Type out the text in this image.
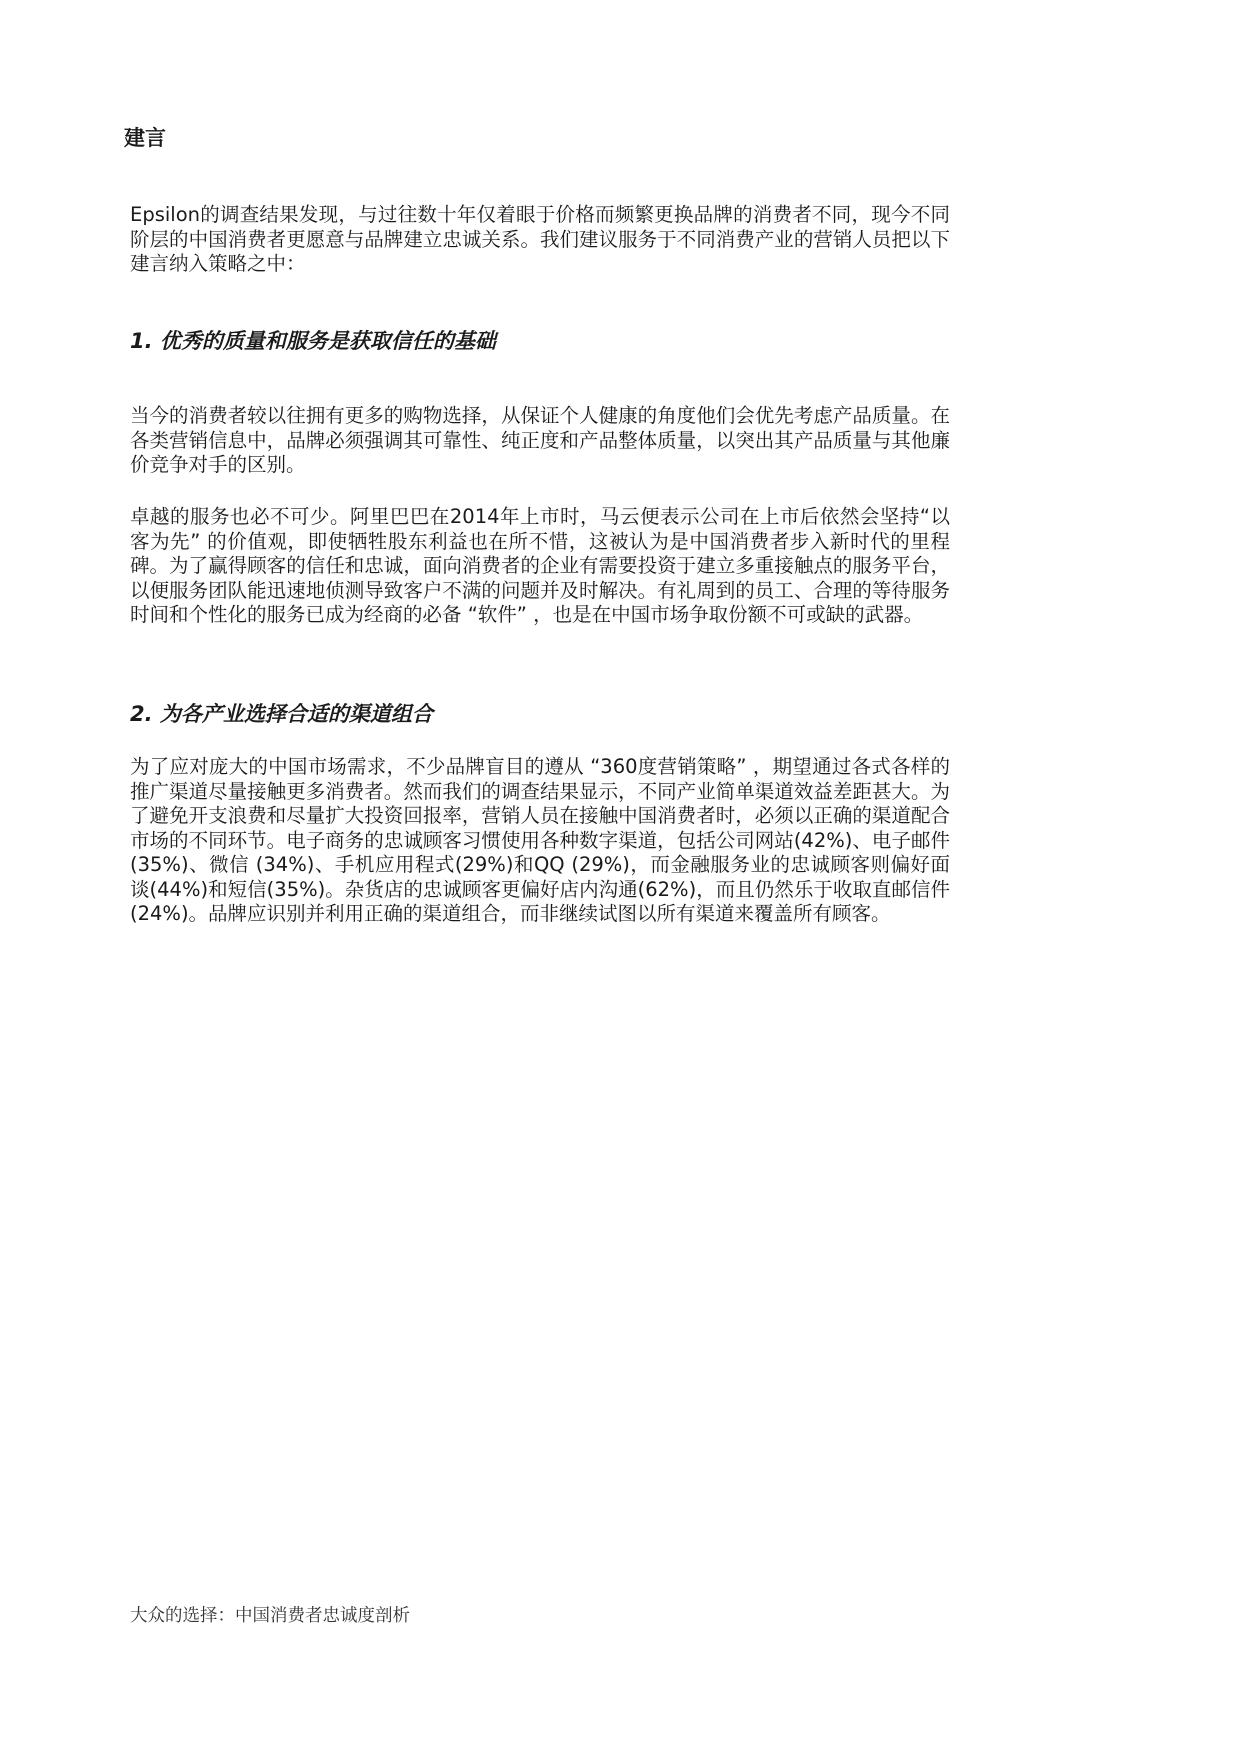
建言

Epsilon的调查结果发现，与过往数十年仅着眼于价格而频繁更换品牌的消费者不同，现今不同阶层的中国消费者更愿意与品牌建立忠诚关系。我们建议服务于不同消费产业的营销人员把以下建言纳入策略之中：

1. 优秀的质量和服务是获取信任的基础

当今的消费者较以往拥有更多的购物选择，从保证个人健康的角度他们会优先考虑产品质量。在各类营销信息中，品牌必须强调其可靠性、纯正度和产品整体质量，以突出其产品质量与其他廉价竞争对手的区别。

卓越的服务也必不可少。阿里巴巴在2014年上市时，马云便表示公司在上市后依然会坚持“以客为先” 的价值观，即使牺牲股东利益也在所不惜，这被认为是中国消费者步入新时代的里程碑。为了赢得顾客的信任和忠诚，面向消费者的企业有需要投资于建立多重接触点的服务平台，以便服务团队能迅速地侦测导致客户不满的问题并及时解决。有礼周到的员工、合理的等待服务时间和个性化的服务已成为经商的必备 “软件” ，也是在中国市场争取份额不可或缺的武器。

2. 为各产业选择合适的渠道组合

为了应对庞大的中国市场需求，不少品牌盲目的遵从 “360度营销策略” ，期望通过各式各样的推广渠道尽量接触更多消费者。然而我们的调查结果显示，不同产业简单渠道效益差距甚大。为了避免开支浪费和尽量扩大投资回报率，营销人员在接触中国消费者时，必须以正确的渠道配合市场的不同环节。电子商务的忠诚顾客习惯使用各种数字渠道，包括公司网站(42%)、电子邮件(35%)、微信 (34%)、手机应用程式(29%)和QQ (29%)，而金融服务业的忠诚顾客则偏好面谈(44%)和短信(35%)。杂货店的忠诚顾客更偏好店内沟通(62%)，而且仍然乐于收取直邮信件 (24%)。品牌应识别并利用正确的渠道组合，而非继续试图以所有渠道来覆盖所有顾客。

大众的选择：中国消费者忠诚度剖析
